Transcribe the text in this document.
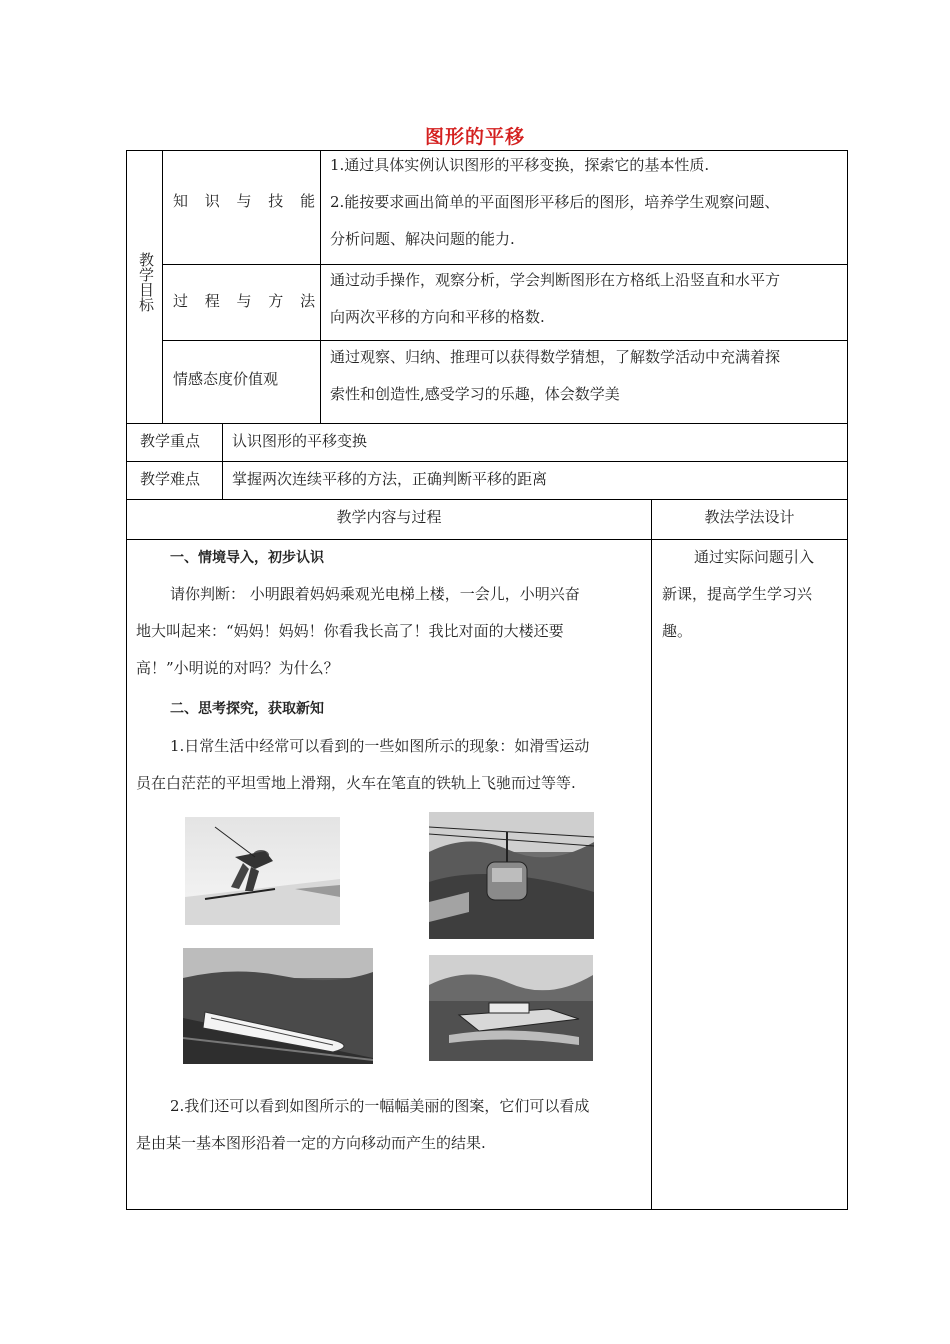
图形的平移
教学目标
知 识 与 技 能
1.通过具体实例认识图形的平移变换，探索它的基本性质.
2.能按要求画出简单的平面图形平移后的图形，培养学生观察问题、
分析问题、解决问题的能力.
过 程 与 方 法
通过动手操作，观察分析，学会判断图形在方格纸上沿竖直和水平方
向两次平移的方向和平移的格数.
情感态度价值观
通过观察、归纳、推理可以获得数学猜想，了解数学活动中充满着探
索性和创造性,感受学习的乐趣，体会数学美
教学重点 认识图形的平移变换
教学难点 掌握两次连续平移的方法，正确判断平移的距离
教学内容与过程	教法学法设计
一、情境导入，初步认识
请你判断： 小明跟着妈妈乘观光电梯上楼，一会儿，小明兴奋
地大叫起来：“妈妈！妈妈！你看我长高了！我比对面的大楼还要
高！”小明说的对吗？为什么？
二、思考探究，获取新知
1.日常生活中经常可以看到的一些如图所示的现象：如滑雪运动
员在白茫茫的平坦雪地上滑翔，火车在笔直的铁轨上飞驰而过等等.
2.我们还可以看到如图所示的一幅幅美丽的图案，它们可以看成
是由某一基本图形沿着一定的方向移动而产生的结果.
通过实际问题引入
新课，提高学生学习兴
趣。
